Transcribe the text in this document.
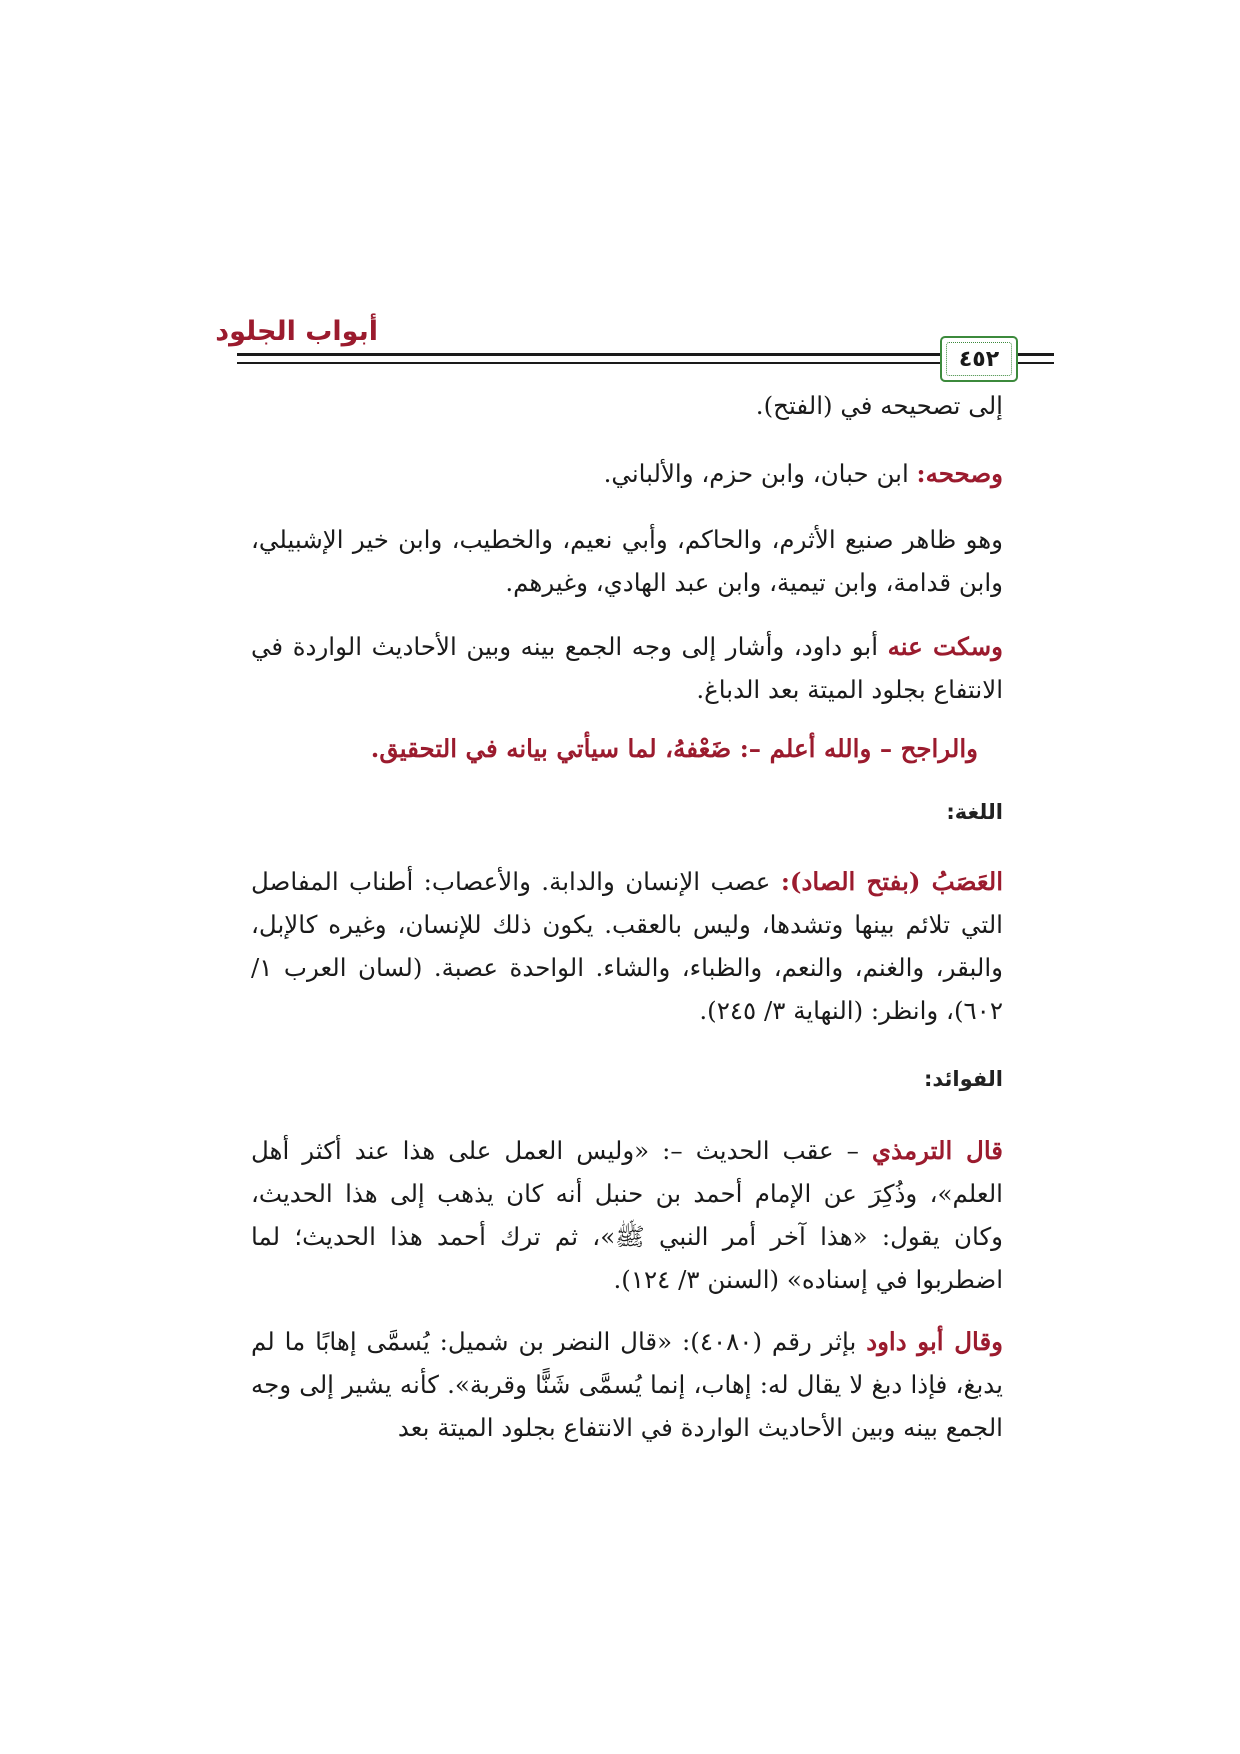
أبواب الجلود
٤٥٢

إلى تصحيحه في (الفتح).

وصححه: ابن حبان، وابن حزم، والألباني.

وهو ظاهر صنيع الأثرم، والحاكم، وأبي نعيم، والخطيب، وابن خير الإشبيلي، وابن قدامة، وابن تيمية، وابن عبد الهادي، وغيرهم.

وسكت عنه أبو داود، وأشار إلى وجه الجمع بينه وبين الأحاديث الواردة في الانتفاع بجلود الميتة بعد الدباغ.

والراجح – والله أعلم –: ضَعْفهُ، لما سيأتي بيانه في التحقيق.
اللغة:

العَصَبُ (بفتح الصاد): عصب الإنسان والدابة. والأعصاب: أطناب المفاصل التي تلائم بينها وتشدها، وليس بالعقب. يكون ذلك للإنسان، وغيره كالإبل، والبقر، والغنم، والنعم، والظباء، والشاء. الواحدة عصبة. (لسان العرب ١/ ٦٠٢)، وانظر: (النهاية ٣/ ٢٤٥).

الفوائد:

قال الترمذي – عقب الحديث –: «وليس العمل على هذا عند أكثر أهل العلم»، وذُكِرَ عن الإمام أحمد بن حنبل أنه كان يذهب إلى هذا الحديث، وكان يقول: «هذا آخر أمر النبي ﷺ»، ثم ترك أحمد هذا الحديث؛ لما اضطربوا في إسناده» (السنن ٣/ ١٢٤).

وقال أبو داود بإثر رقم (٤٠٨٠): «قال النضر بن شميل: يُسمَّى إهابًا ما لم يدبغ، فإذا دبغ لا يقال له: إهاب، إنما يُسمَّى شَنًّا وقربة». كأنه يشير إلى وجه الجمع بينه وبين الأحاديث الواردة في الانتفاع بجلود الميتة بعد
